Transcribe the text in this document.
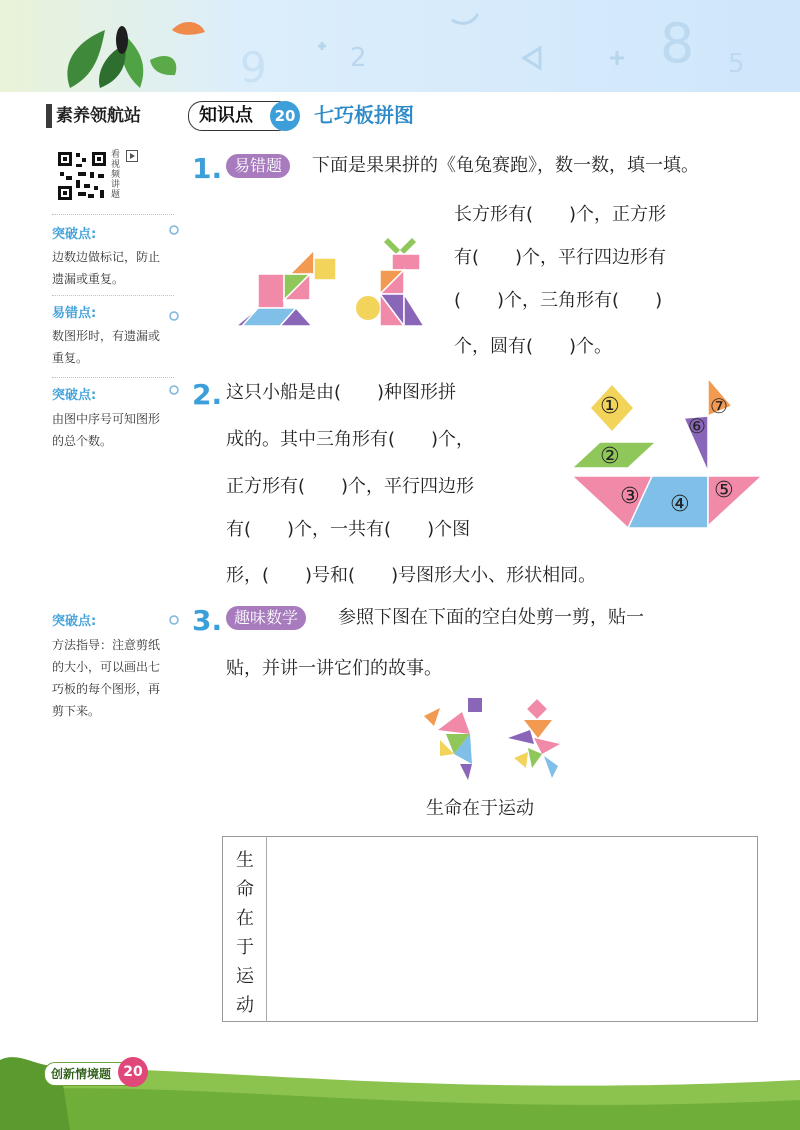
9	2	8 5
素养领航站	知识点	20 七巧板拼图
看视频讲题
突破点:
边数边做标记，防止遗漏或重复。
易错点:
数图形时，有遗漏或重复。
突破点:
由图中序号可知图形的总个数。
突破点:
方法指导：注意剪纸的大小，可以画出七巧板的每个图形，再剪下来。
1. 易错题	下面是果果拼的《龟兔赛跑》，数一数，填一填。
长方形有(　　)个，正方形
有(　　)个，平行四边形有
(　　)个，三角形有(　　)
个，圆有(　　)个。
2. 这只小船是由(　　)种图形拼
成的。其中三角形有(　　)个，
正方形有(　　)个，平行四边形
有(　　)个，一共有(　　)个图
形，(　　)号和(　　)号图形大小、形状相同。
①
②
③ ④
⑤
⑥
⑦
3. 趣味数学	参照下图在下面的空白处剪一剪，贴一
贴，并讲一讲它们的故事。
生命在于运动
生
命
在
于
运
动
创新情境题 20
